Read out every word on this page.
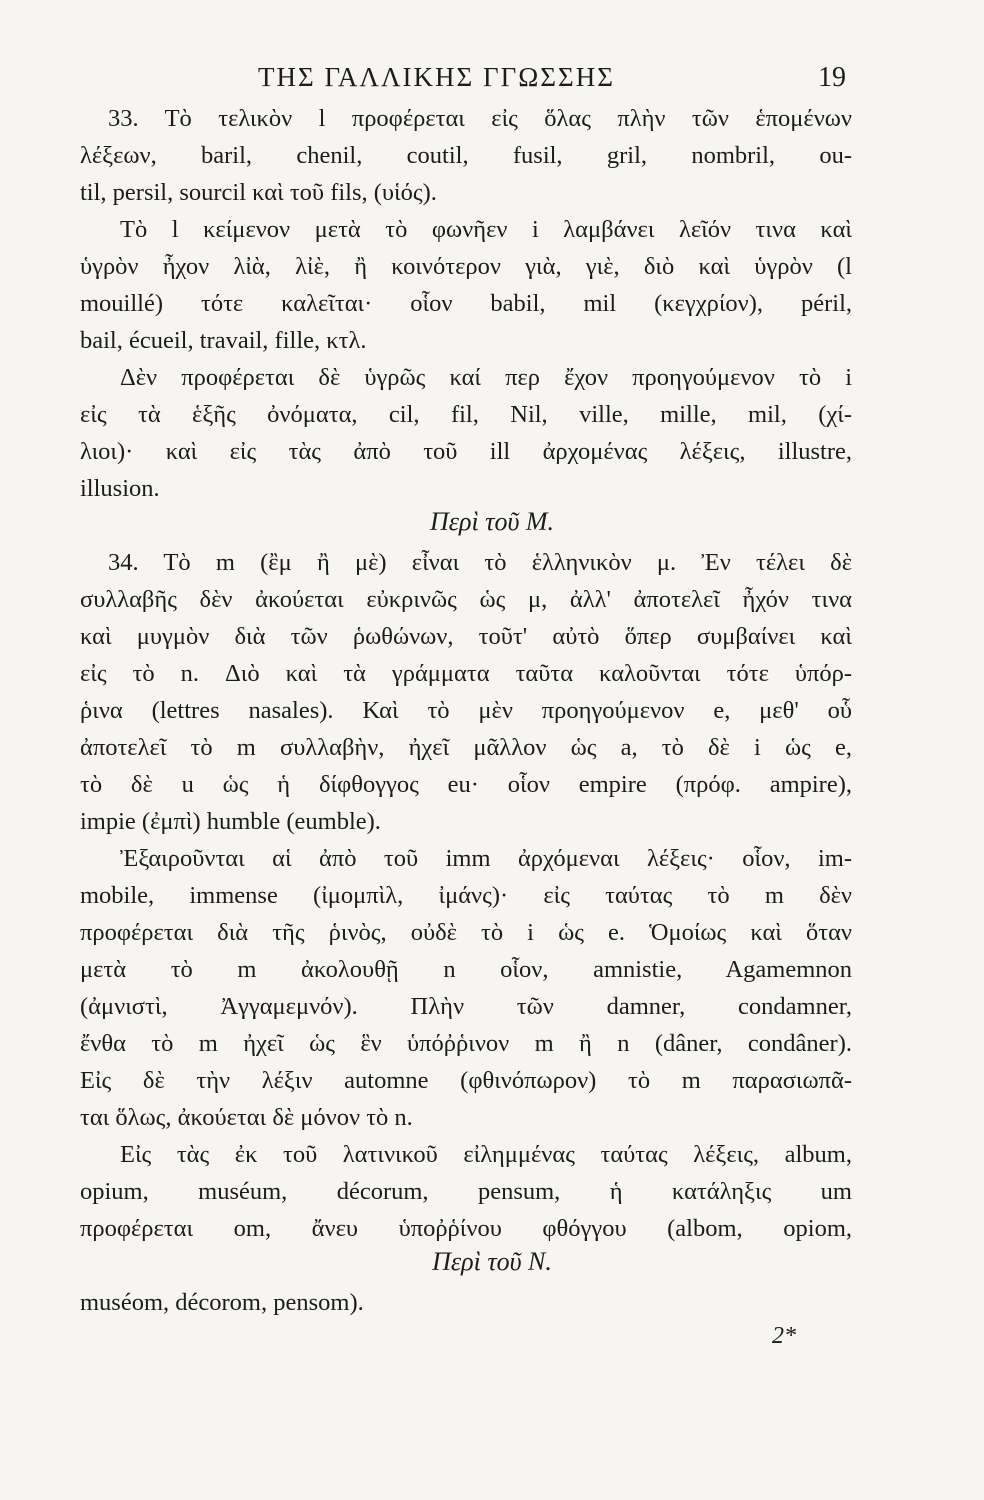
ΤΗΣ ΓΑΛΛΙΚΗΣ ΓΓΩΣΣΗΣ	19
33. Τὸ τελικὸν l προφέρεται εἰς ὅλας πλὴν τῶν ἑπομένων
λέξεων, baril, chenil, coutil, fusil, gril, nombril, ou-
til, persil, sourcil καὶ τοῦ fils, (υἱός).
Τὸ l κείμενον μετὰ τὸ φωνῆεν i λαμβάνει λεῖόν τινα καὶ
ὑγρὸν ἦχον λἰὰ, λἰὲ, ἢ κοινότερον γιὰ, γιὲ, διὸ καὶ ὑγρὸν (l
mouillé) τότε καλεῖται· οἷον babil, mil (κεγχρίον), péril,
bail, écueil, travail, fille, κτλ.
Δὲν προφέρεται δὲ ὑγρῶς καί περ ἔχον προηγούμενον τὸ i
εἰς τὰ ἑξῆς ὀνόματα, cil, fil, Nil, ville, mille, mil, (χί-
λιοι)· καὶ εἰς τὰς ἀπὸ τοῦ ill ἀρχομένας λέξεις, illustre,
illusion.
Περὶ τοῦ Μ.
34. Τὸ m (ἒμ ἢ μὲ) εἶναι τὸ ἑλληνικὸν μ. Ἐν τέλει δὲ
συλλαβῆς δὲν ἀκούεται εὐκρινῶς ὡς μ, ἀλλ' ἀποτελεῖ ἦχόν τινα
καὶ μυγμὸν διὰ τῶν ῥωθώνων, τοῦτ' αὐτὸ ὅπερ συμβαίνει καὶ
εἰς τὸ n. Διὸ καὶ τὰ γράμματα ταῦτα καλοῦνται τότε ὑπόρ-
ῥινα (lettres nasales). Καὶ τὸ μὲν προηγούμενον e, μεθ' οὗ
ἀποτελεῖ τὸ m συλλαβὴν, ἠχεῖ μᾶλλον ὡς a, τὸ δὲ i ὡς e,
τὸ δὲ u ὡς ἡ δίφθογγος eu· οἷον empire (πρόφ. ampire),
impie (ἐμπὶ) humble (eumble).
Ἐξαιροῦνται αἱ ἀπὸ τοῦ imm ἀρχόμεναι λέξεις· οἷον, im-
mobile, immense (ἰμομπὶλ, ἰμάνς)· εἰς ταύτας τὸ m δὲν
προφέρεται διὰ τῆς ῥινὸς, οὐδὲ τὸ i ὡς e. Ὁμοίως καὶ ὅταν
μετὰ τὸ m ἀκολουθῇ n οἷον, amnistie, Agamemnon
(ἀμνιστὶ, Ἀγγαμεμνόν). Πλὴν τῶν damner, condamner,
ἔνθα τὸ m ἠχεῖ ὡς ἓν ὑπόῤῥινον m ἢ n (dâner, condâner).
Εἰς δὲ τὴν λέξιν automne (φθινόπωρον) τὸ m παρασιωπᾶ-
ται ὅλως, ἀκούεται δὲ μόνον τὸ n.
Εἰς τὰς ἐκ τοῦ λατινικοῦ εἰλημμένας ταύτας λέξεις, album,
opium, muséum, décorum, pensum, ἡ κατάληξις um
προφέρεται om, ἄνευ ὑποῤῥίνου φθόγγου (albom, opiom,
muséom, décorom, pensom).
2*
Περὶ τοῦ Ν.
